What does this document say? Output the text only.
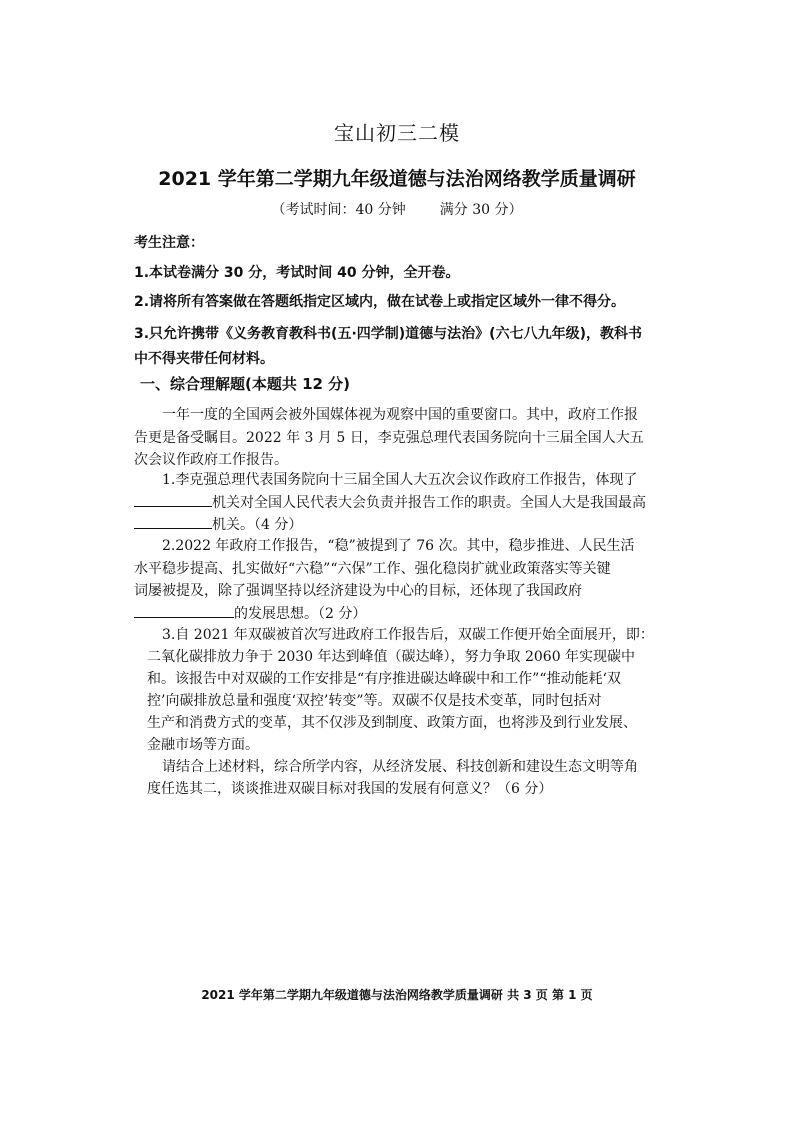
宝山初三二模
2021 学年第二学期九年级道德与法治网络教学质量调研
（考试时间：40 分钟 满分 30 分）
考生注意：
1.本试卷满分 30 分，考试时间 40 分钟，全开卷。
2.请将所有答案做在答题纸指定区域内，做在试卷上或指定区域外一律不得分。
3.只允许携带《义务教育教科书(五·四学制)道德与法治》(六七八九年级)，教科书
中不得夹带任何材料。
一、综合理解题(本题共 12 分)
一年一度的全国两会被外国媒体视为观察中国的重要窗口。其中，政府工作报
告更是备受瞩目。2022 年 3 月 5 日，李克强总理代表国务院向十三届全国人大五
次会议作政府工作报告。
1.李克强总理代表国务院向十三届全国人大五次会议作政府工作报告，体现了
机关对全国人民代表大会负责并报告工作的职责。全国人大是我国最高
机关。（4 分）
2.2022 年政府工作报告，“稳”被提到了 76 次。其中，稳步推进、人民生活
水平稳步提高、扎实做好“六稳”“六保”工作、强化稳岗扩就业政策落实等关键
词屡被提及，除了强调坚持以经济建设为中心的目标，还体现了我国政府
的发展思想。（2 分）
3.自 2021 年双碳被首次写进政府工作报告后，双碳工作便开始全面展开，即：
二氧化碳排放力争于 2030 年达到峰值（碳达峰），努力争取 2060 年实现碳中
和。该报告中对双碳的工作安排是“有序推进碳达峰碳中和工作”“推动能耗‘双
控’向碳排放总量和强度‘双控’转变”等。双碳不仅是技术变革，同时包括对
生产和消费方式的变革，其不仅涉及到制度、政策方面，也将涉及到行业发展、
金融市场等方面。
请结合上述材料，综合所学内容，从经济发展、科技创新和建设生态文明等角
度任选其二，谈谈推进双碳目标对我国的发展有何意义？（6 分）
2021 学年第二学期九年级道德与法治网络教学质量调研 共 3 页 第 1 页
